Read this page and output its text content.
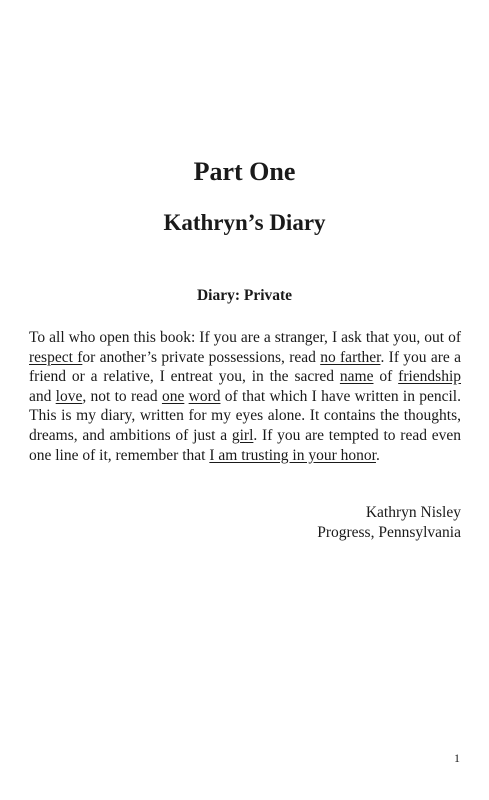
Part One
Kathryn’s Diary
Diary: Private

To all who open this book: If you are a stranger, I ask that you, out of respect for another’s private possessions, read no farther. If you are a friend or a relative, I entreat you, in the sacred name of friendship and love, not to read one word of that which I have written in pencil. This is my diary, written for my eyes alone. It contains the thoughts, dreams, and ambitions of just a girl. If you are tempted to read even one line of it, remember that I am trusting in your honor.

Kathryn Nisley
Progress, Pennsylvania
1
